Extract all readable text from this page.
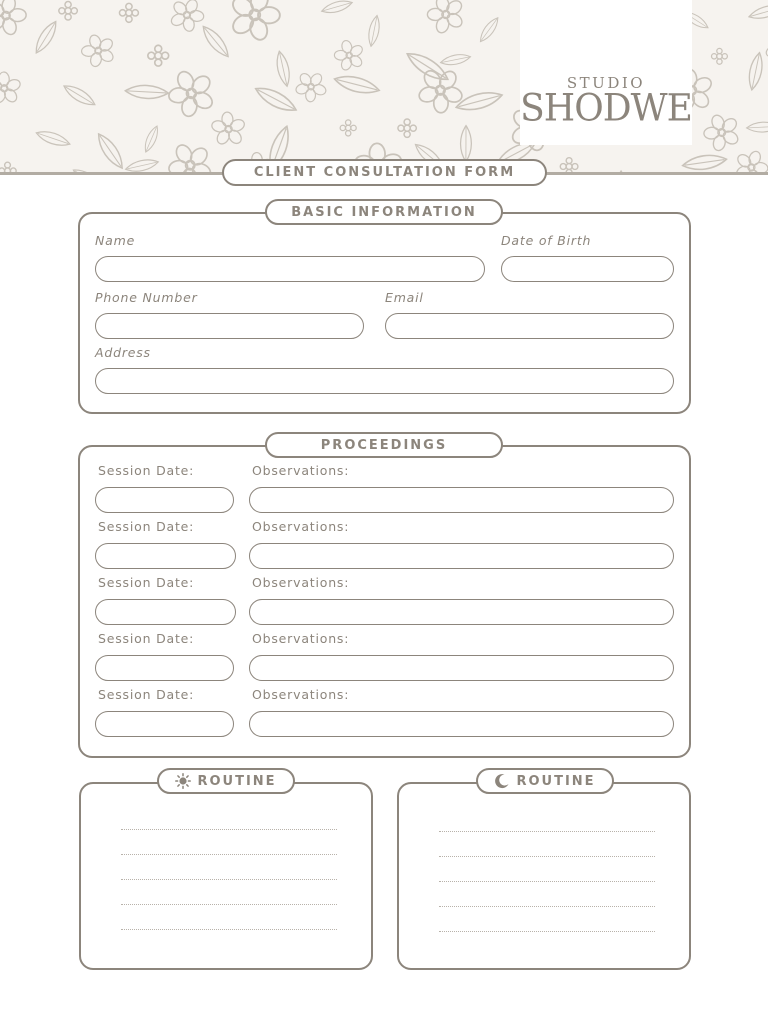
STUDIO
SHODWE
CLIENT CONSULTATION FORM
BASIC INFORMATION
Name	Date of Birth
Phone Number	Email
Address
PROCEEDINGS
Session Date:	Observations:
Session Date:	Observations:
Session Date:	Observations:
Session Date:	Observations:
Session Date:	Observations:
ROUTINE	ROUTINE
